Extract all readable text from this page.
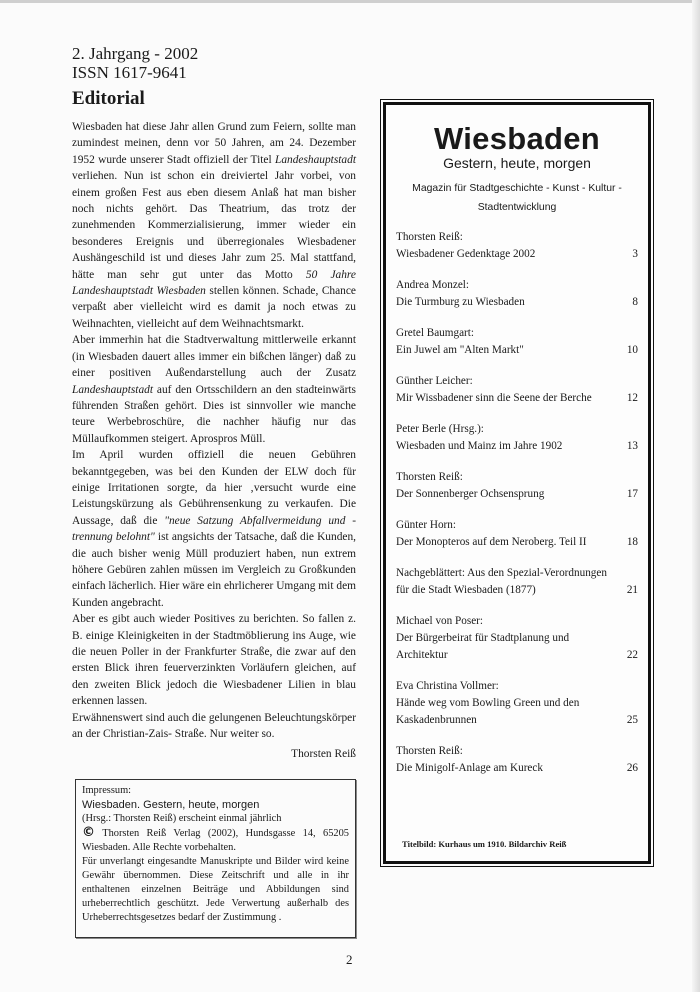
2. Jahrgang - 2002
ISSN 1617-9641
Editorial

Wiesbaden hat diese Jahr allen Grund zum Feiern, sollte man zumindest meinen, denn vor 50 Jahren, am 24. Dezember 1952 wurde unserer Stadt offiziell der Titel Landeshauptstadt verliehen. Nun ist schon ein dreiviertel Jahr vorbei, von einem großen Fest aus eben diesem Anlaß hat man bisher noch nichts gehört. Das Theatrium, das trotz der zunehmenden Kommerzialisierung, immer wieder ein besonderes Ereignis und überregionales Wiesbadener Aushängeschild ist und dieses Jahr zum 25. Mal stattfand, hätte man sehr gut unter das Motto 50 Jahre Landeshauptstadt Wiesbaden stellen können. Schade, Chance verpaßt aber vielleicht wird es damit ja noch etwas zu Weihnachten, vielleicht auf dem Weihnachtsmarkt.

Aber immerhin hat die Stadtverwaltung mittlerweile erkannt (in Wiesbaden dauert alles immer ein bißchen länger) daß zu einer positiven Außendarstellung auch der Zusatz Landeshauptstadt auf den Ortsschildern an den stadteinwärts führenden Straßen gehört. Dies ist sinnvoller wie manche teure Werbebroschüre, die nachher häufig nur das Müllaufkommen steigert. Aprospros Müll.

Im April wurden offiziell die neuen Gebühren bekanntgegeben, was bei den Kunden der ELW doch für einige Irritationen sorgte, da hier ‚versucht wurde eine Leistungskürzung als Gebührensenkung zu verkaufen. Die Aussage, daß die "neue Satzung Abfallvermeidung und -trennung belohnt" ist angsichts der Tatsache, daß die Kunden, die auch bisher wenig Müll produziert haben, nun extrem höhere Gebüren zahlen müssen im Vergleich zu Großkunden einfach lächerlich. Hier wäre ein ehrlicherer Umgang mit dem Kunden angebracht.

Aber es gibt auch wieder Positives zu berichten. So fallen z. B. einige Kleinigkeiten in der Stadtmöblierung ins Auge, wie die neuen Poller in der Frankfurter Straße, die zwar auf den ersten Blick ihren feuerverzinkten Vorläufern gleichen, auf den zweiten Blick jedoch die Wiesbadener Lilien in blau erkennen lassen.

Erwähnenswert sind auch die gelungenen Beleuchtungskörper an der Christian-Zais- Straße. Nur weiter so.

Thorsten Reiß

Impressum:

Wiesbaden. Gestern, heute, morgen

(Hrsg.: Thorsten Reiß) erscheint einmal jährlich

© Thorsten Reiß Verlag (2002), Hundsgasse 14, 65205 Wiesbaden. Alle Rechte vorbehalten.

Für unverlangt eingesandte Manuskripte und Bilder wird keine Gewähr übernommen. Diese Zeitschrift und alle in ihr enthaltenen einzelnen Beiträge und Abbildungen sind urheberrechtlich geschützt. Jede Verwertung außerhalb des Urheberrechtsgesetzes bedarf der Zustimmung .

Wiesbaden
Gestern, heute, morgen
Magazin für Stadtgeschichte - Kunst - Kultur - Stadtentwicklung
Thorsten Reiß:
Wiesbadener Gedenktage 2002	3
Andrea Monzel:
Die Turmburg zu Wiesbaden	8
Gretel Baumgart:
Ein Juwel am "Alten Markt"	10
Günther Leicher:
Mir Wissbadener sinn die Seene der Berche	12
Peter Berle (Hrsg.):
Wiesbaden und Mainz im Jahre 1902	13
Thorsten Reiß:
Der Sonnenberger Ochsensprung	17
Günter Horn:
Der Monopteros auf dem Neroberg. Teil II	18
Nachgeblättert: Aus den Spezial-Verordnungen für die Stadt Wiesbaden (1877)	21
Michael von Poser:
Der Bürgerbeirat für Stadtplanung und Architektur	22
Eva Christina Vollmer:
Hände weg vom Bowling Green und den Kaskadenbrunnen	25
Thorsten Reiß:
Die Minigolf-Anlage am Kureck	26
Titelbild: Kurhaus um 1910. Bildarchiv Reiß
2
